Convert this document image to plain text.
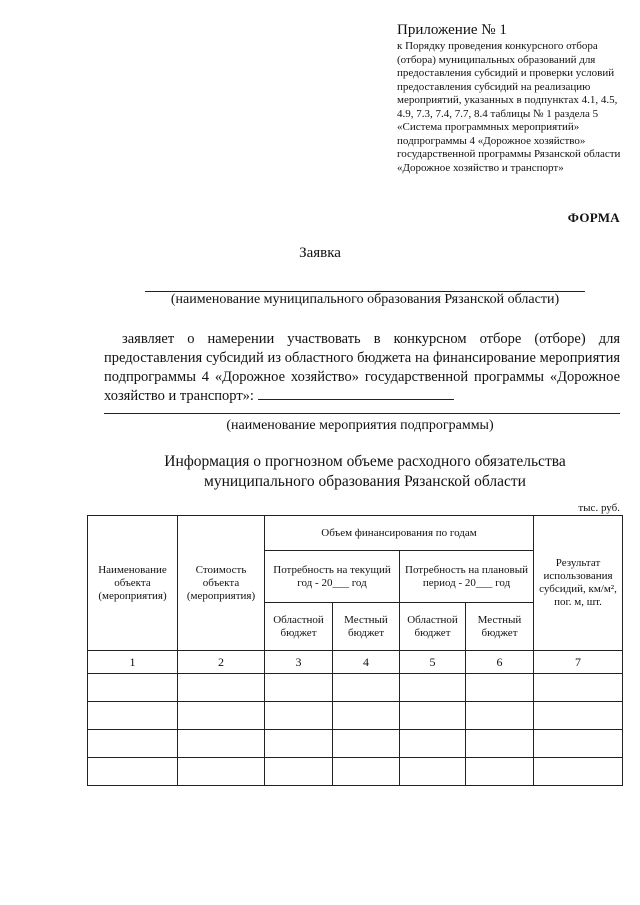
Приложение № 1
к Порядку проведения конкурсного отбора (отбора) муниципальных образований для предоставления субсидий и проверки условий предоставления субсидий на реализацию мероприятий, указанных в подпунктах 4.1, 4.5, 4.9, 7.3, 7.4, 7.7, 8.4 таблицы № 1 раздела 5 «Система программных мероприятий» подпрограммы 4 «Дорожное хозяйство» государственной программы Рязанской области «Дорожное хозяйство и транспорт»
ФОРМА
Заявка
(наименование муниципального образования Рязанской области)
заявляет о намерении участвовать в конкурсном отборе (отборе) для предоставления субсидий из областного бюджета на финансирование мероприятия подпрограммы 4 «Дорожное хозяйство» государственной программы «Дорожное хозяйство и транспорт»:
(наименование мероприятия подпрограммы)
Информация о прогнозном объеме расходного обязательства
муниципального образования Рязанской области
тыс. руб.
Наименование объекта (мероприятия)	Стоимость объекта (мероприятия)	Объем финансирования по годам				Результат использования субсидий, км/м², пог. м, шт.
		Потребность на текущий год - 20___ год		Потребность на плановый период - 20___ год		
		Областной бюджет	Местный бюджет	Областной бюджет	Местный бюджет	
1	2	3	4	5	6	7
